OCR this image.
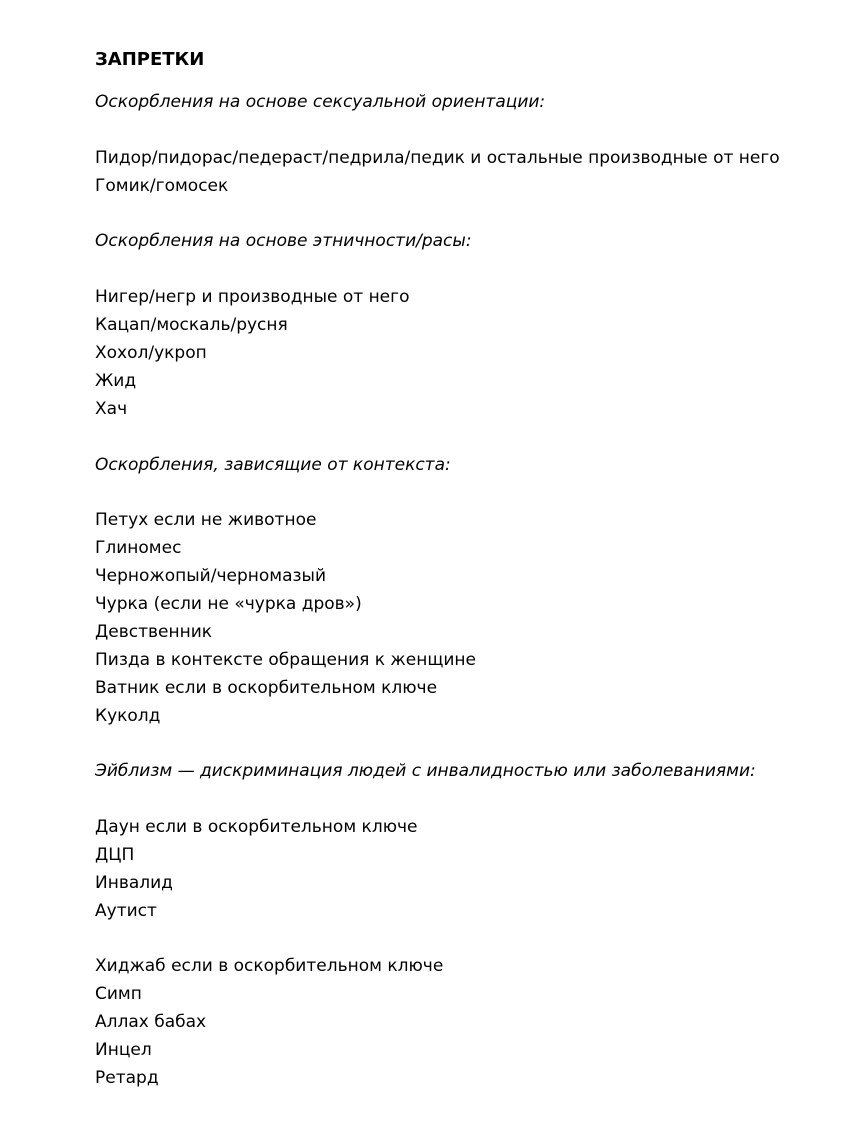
ЗАПРЕТКИ

Оскорбления на основе сексуальной ориентации:

Пидор/пидорас/педераст/педрила/педик и остальные производные от него

Гомик/гомосек

Оскорбления на основе этничности/расы:

Нигер/негр и производные от него

Кацап/москаль/русня

Хохол/укроп

Жид

Хач

Оскорбления, зависящие от контекста:

Петух если не животное

Глиномес

Черножопый/черномазый

Чурка (если не «чурка дров»)

Девственник

Пизда в контексте обращения к женщине

Ватник если в оскорбительном ключе

Куколд

Эйблизм — дискриминация людей с инвалидностью или заболеваниями:

Даун если в оскорбительном ключе

ДЦП

Инвалид

Аутист

Хиджаб если в оскорбительном ключе

Симп

Аллах бабах

Инцел

Ретард
